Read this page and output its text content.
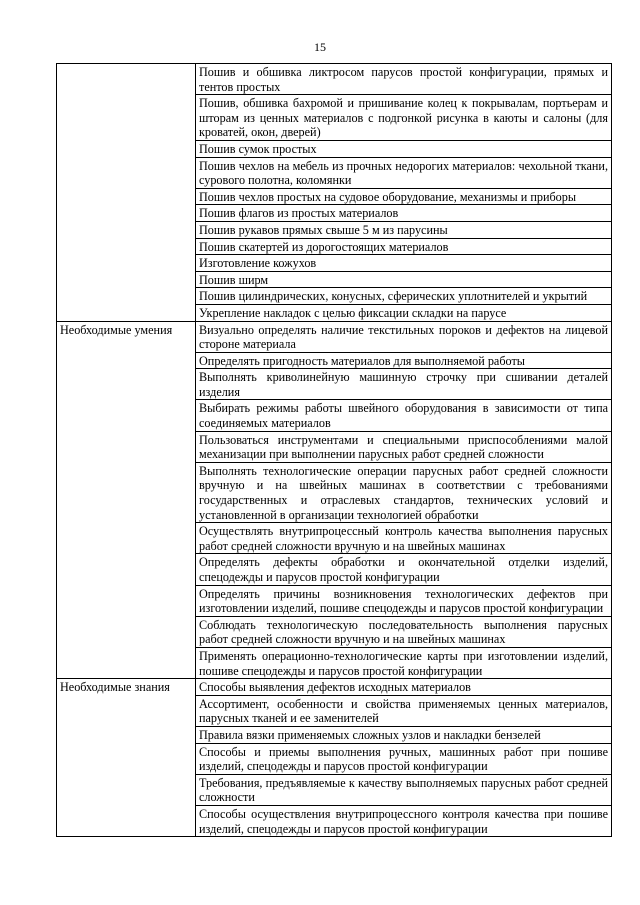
15
	Пошив и обшивка ликтросом парусов простой конфигурации, прямых и тентов простых
	Пошив, обшивка бахромой и пришивание колец к покрывалам, портьерам и шторам из ценных материалов с подгонкой рисунка в каюты и салоны (для кроватей, окон, дверей)
	Пошив сумок простых
	Пошив чехлов на мебель из прочных недорогих материалов: чехольной ткани, сурового полотна, коломянки
	Пошив чехлов простых на судовое оборудование, механизмы и приборы
	Пошив флагов из простых материалов
	Пошив рукавов прямых свыше 5 м из парусины
	Пошив скатертей из дорогостоящих материалов
	Изготовление кожухов
	Пошив ширм
	Пошив цилиндрических, конусных, сферических уплотнителей и укрытий
	Укрепление накладок с целью фиксации складки на парусе
Необходимые умения	Визуально определять наличие текстильных пороков и дефектов на лицевой стороне материала
	Определять пригодность материалов для выполняемой работы
	Выполнять криволинейную машинную строчку при сшивании деталей изделия
	Выбирать режимы работы швейного оборудования в зависимости от типа соединяемых материалов
	Пользоваться инструментами и специальными приспособлениями малой механизации при выполнении парусных работ средней сложности
	Выполнять технологические операции парусных работ средней сложности вручную и на швейных машинах в соответствии с требованиями государственных и отраслевых стандартов, технических условий и установленной в организации технологией обработки
	Осуществлять внутрипроцессный контроль качества выполнения парусных работ средней сложности вручную и на швейных машинах
	Определять дефекты обработки и окончательной отделки изделий, спецодежды и парусов простой конфигурации
	Определять причины возникновения технологических дефектов при изготовлении изделий, пошиве спецодежды и парусов простой конфигурации
	Соблюдать технологическую последовательность выполнения парусных работ средней сложности вручную и на швейных машинах
	Применять операционно-технологические карты при изготовлении изделий, пошиве спецодежды и парусов простой конфигурации
Необходимые знания	Способы выявления дефектов исходных материалов
	Ассортимент, особенности и свойства применяемых ценных материалов, парусных тканей и ее заменителей
	Правила вязки применяемых сложных узлов и накладки бензелей
	Способы и приемы выполнения ручных, машинных работ при пошиве изделий, спецодежды и парусов простой конфигурации
	Требования, предъявляемые к качеству выполняемых парусных работ средней сложности
	Способы осуществления внутрипроцессного контроля качества при пошиве изделий, спецодежды и парусов простой конфигурации
